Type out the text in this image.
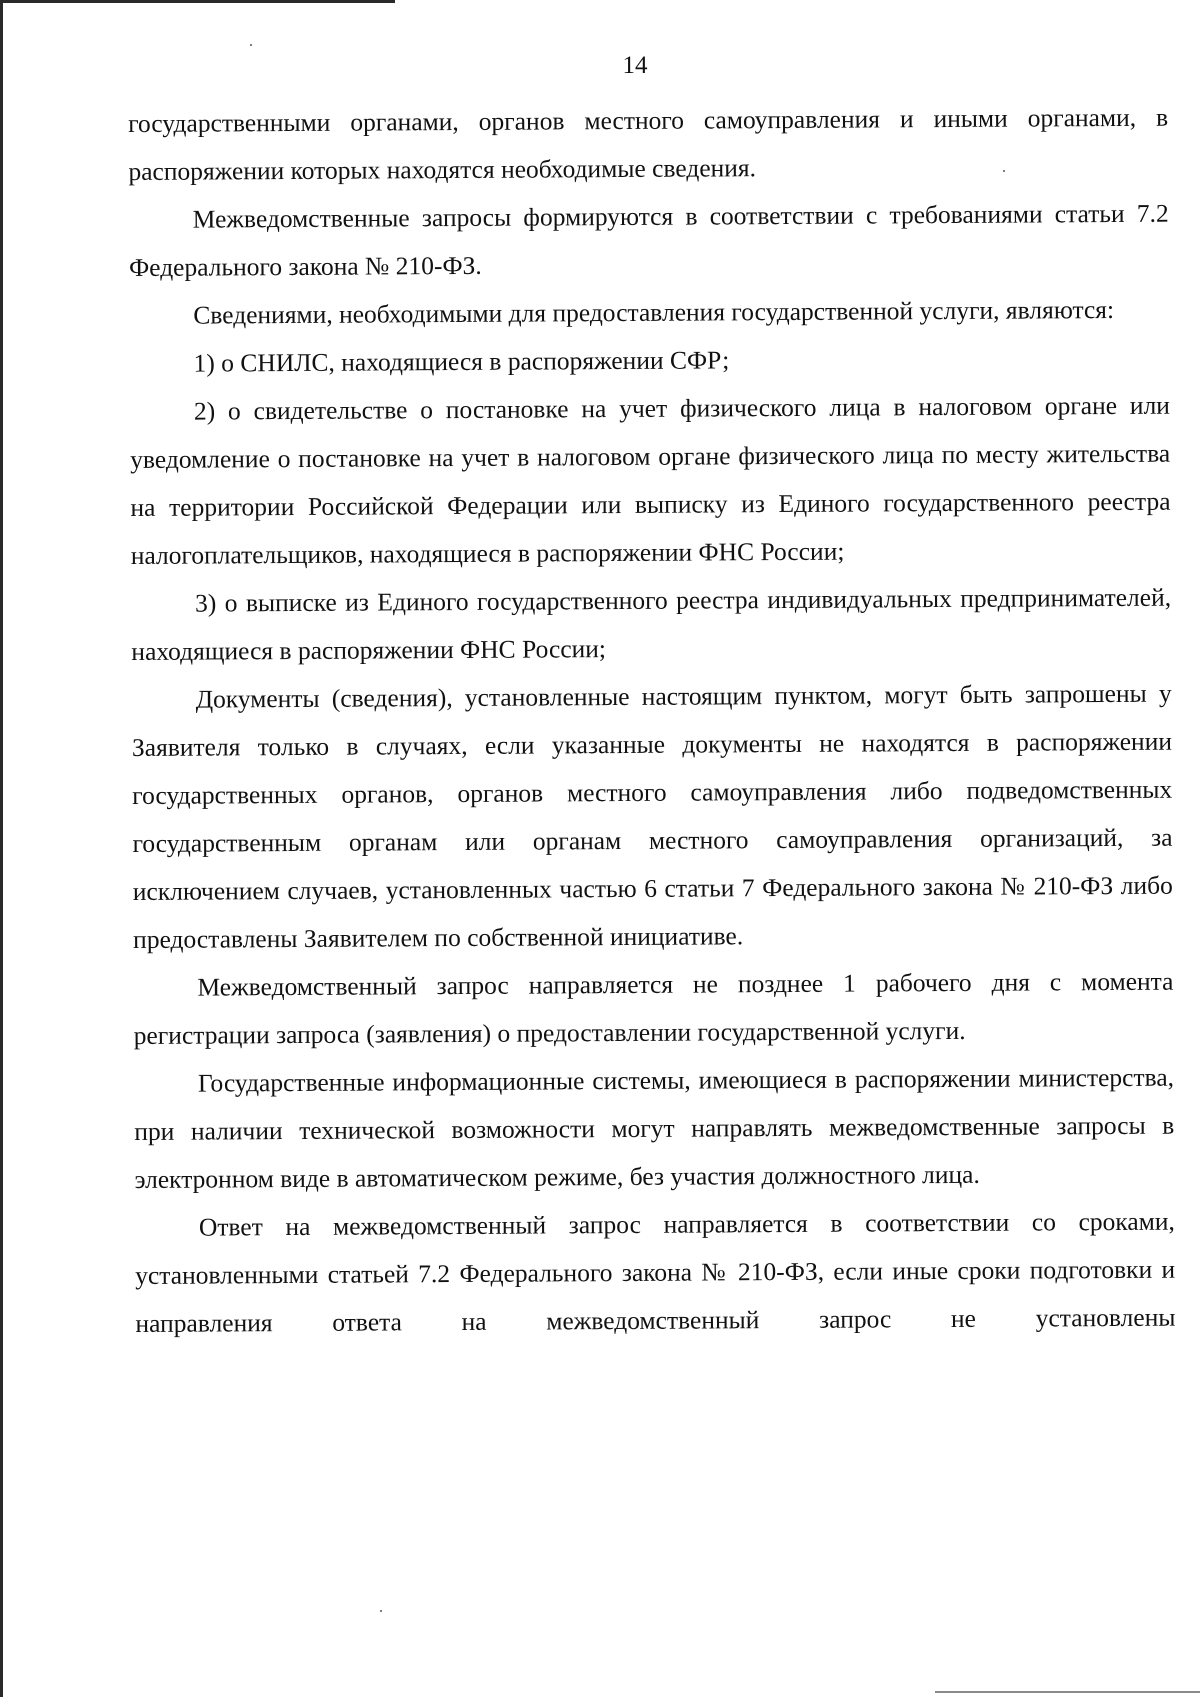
14

государственными органами, органов местного самоуправления и иными органами, в распоряжении которых находятся необходимые сведения.

Межведомственные запросы формируются в соответствии с требованиями статьи 7.2 Федерального закона № 210-ФЗ.

Сведениями, необходимыми для предоставления государственной услуги, являются:

1) о СНИЛС, находящиеся в распоряжении СФР;

2) о свидетельстве о постановке на учет физического лица в налоговом органе или уведомление о постановке на учет в налоговом органе физического лица по месту жительства на территории Российской Федерации или выписку из Единого государственного реестра налогоплательщиков, находящиеся в распоряжении ФНС России;

3) о выписке из Единого государственного реестра индивидуальных предпринимателей, находящиеся в распоряжении ФНС России;

Документы (сведения), установленные настоящим пунктом, могут быть запрошены у Заявителя только в случаях, если указанные документы не находятся в распоряжении государственных органов, органов местного самоуправления либо подведомственных государственным органам или органам местного самоуправления организаций, за исключением случаев, установленных частью 6 статьи 7 Федерального закона № 210-ФЗ либо предоставлены Заявителем по собственной инициативе.

Межведомственный запрос направляется не позднее 1 рабочего дня с момента регистрации запроса (заявления) о предоставлении государственной услуги.

Государственные информационные системы, имеющиеся в распоряжении министерства, при наличии технической возможности могут направлять межведомственные запросы в электронном виде в автоматическом режиме, без участия должностного лица.

Ответ на межведомственный запрос направляется в соответствии со сроками, установленными статьей 7.2 Федерального закона № 210-ФЗ, если иные сроки подготовки и направления ответа на межведомственный запрос не установлены
